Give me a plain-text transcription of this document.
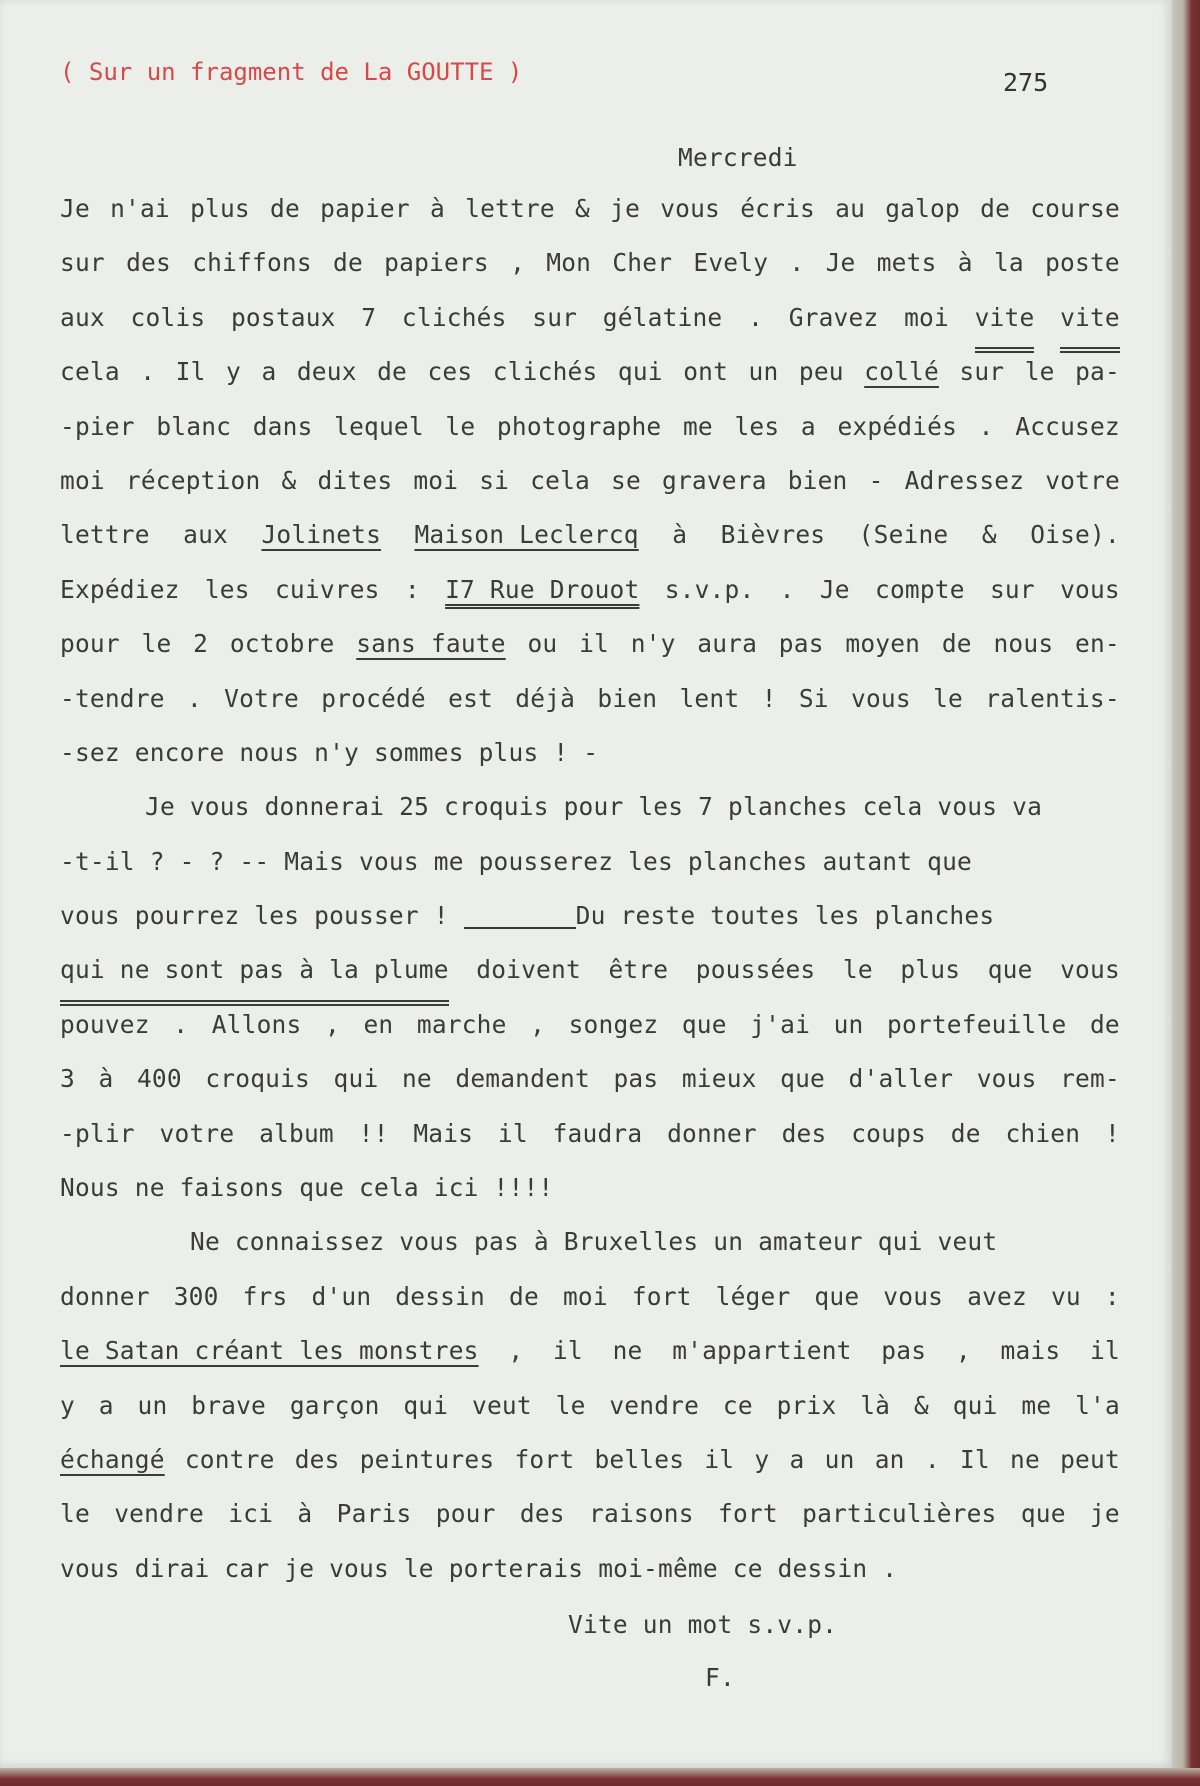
( Sur un fragment de La GOUTTE )	275
Mercredi
Je n'ai plus de papier à lettre & je vous écris au galop de course
sur des chiffons de papiers , Mon Cher Evely . Je mets à la poste
aux colis postaux 7 clichés sur gélatine . Gravez moi vite vite
cela . Il y a deux de ces clichés qui ont un peu collé sur le pa-
-pier blanc dans lequel le photographe me les a expédiés . Accusez
moi réception & dites moi si cela se gravera bien - Adressez votre
lettre aux Jolinets Maison Leclercq à Bièvres (Seine & Oise).
Expédiez les cuivres : I7 Rue Drouot s.v.p. . Je compte sur vous
pour le 2 octobre sans faute ou il n'y aura pas moyen de nous en-
-tendre . Votre procédé est déjà bien lent ! Si vous le ralentis-
-sez encore nous n'y sommes plus ! -
Je vous donnerai 25 croquis pour les 7 planches cela vous va
-t-il ? - ? -- Mais vous me pousserez les planches autant que
vous pourrez les pousser !	Du reste toutes les planches
qui ne sont pas à la plume doivent être poussées le plus que vous
pouvez . Allons , en marche , songez que j'ai un portefeuille de
3 à 400 croquis qui ne demandent pas mieux que d'aller vous rem-
-plir votre album !! Mais il faudra donner des coups de chien !
Nous ne faisons que cela ici !!!!
Ne connaissez vous pas à Bruxelles un amateur qui veut
donner 300 frs d'un dessin de moi fort léger que vous avez vu :
le Satan créant les monstres , il ne m'appartient pas , mais il
y a un brave garçon qui veut le vendre ce prix là & qui me l'a
échangé contre des peintures fort belles il y a un an . Il ne peut
le vendre ici à Paris pour des raisons fort particulières que je
vous dirai car je vous le porterais moi-même ce dessin .
Vite un mot s.v.p.
F.
